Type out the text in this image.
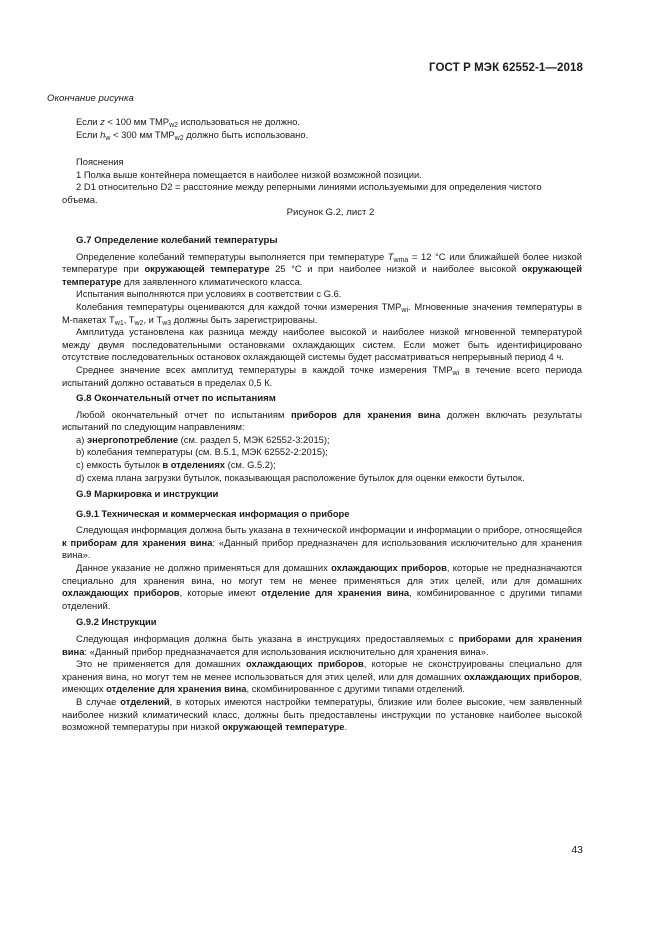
ГОСТ Р МЭК 62552-1—2018
Окончание рисунка

Если z < 100 мм $TMP_{w2}$ использоваться не должно.

Если $h_w < 300$ мм $TMP_{w2}$ должно быть использовано.

Пояснения

1 Полка выше контейнера помещается в наиболее низкой возможной позиции.

2 D1 относительно D2 = расстояние между реперными линиями используемыми для определения чистого

объема.

Рисунок G.2, лист 2

G.7 Определение колебаний температуры

Определение колебаний температуры выполняется при температуре $T_{wma} = 12$ °С или ближайшей более низкой температуре при окружающей температуре 25 °С и при наиболее низкой и наиболее высокой окружающей температуре для заявленного климатического класса.

Испытания выполняются при условиях в соответствии с G.6.

Колебания температуры оцениваются для каждой точки измерения $TMP_{wi}$. Мгновенные значения температуры в М-пакетах $T_{w1}$, $T_{w2}$, и $T_{w3}$ должны быть зарегистрированы.

Амплитуда установлена как разница между наиболее высокой и наиболее низкой мгновенной температурой между двумя последовательными остановками охлаждающих систем. Если может быть идентифицировано отсутствие последовательных остановок охлаждающей системы будет рассматриваться непрерывный период 4 ч.

Среднее значение всех амплитуд температуры в каждой точке измерения $TMP_{wi}$ в течение всего периода испытаний должно оставаться в пределах 0,5 К.

G.8 Окончательный отчет по испытаниям

Любой окончательный отчет по испытаниям приборов для хранения вина должен включать результаты испытаний по следующим направлениям:

a) энергопотребление (см. раздел 5, МЭК 62552-3:2015);

b) колебания температуры (см. В.5.1, МЭК 62552-2:2015);

c) емкость бутылок в отделениях (см. G.5.2);

d) схема плана загрузки бутылок, показывающая расположение бутылок для оценки емкости бутылок.

G.9 Маркировка и инструкции

G.9.1 Техническая и коммерческая информация о приборе

Следующая информация должна быть указана в технической информации и информации о приборе, относящейся к приборам для хранения вина: «Данный прибор предназначен для использования исключительно для хранения вина».

Данное указание не должно применяться для домашних охлаждающих приборов, которые не предназначаются специально для хранения вина, но могут тем не менее применяться для этих целей, или для домашних охлаждающих приборов, которые имеют отделение для хранения вина, комбинированное с другими типами отделений.

G.9.2 Инструкции

Следующая информация должна быть указана в инструкциях предоставляемых с приборами для хранения вина: «Данный прибор предназначается для использования исключительно для хранения вина».

Это не применяется для домашних охлаждающих приборов, которые не сконструированы специально для хранения вина, но могут тем не менее использоваться для этих целей, или для домашних охлаждающих приборов, имеющих отделение для хранения вина, скомбинированное с другими типами отделений.

В случае отделений, в которых имеются настройки температуры, близкие или более высокие, чем заявленный наиболее низкий климатический класс, должны быть предоставлены инструкции по установке наиболее высокой возможной температуры при низкой окружающей температуре.

43
